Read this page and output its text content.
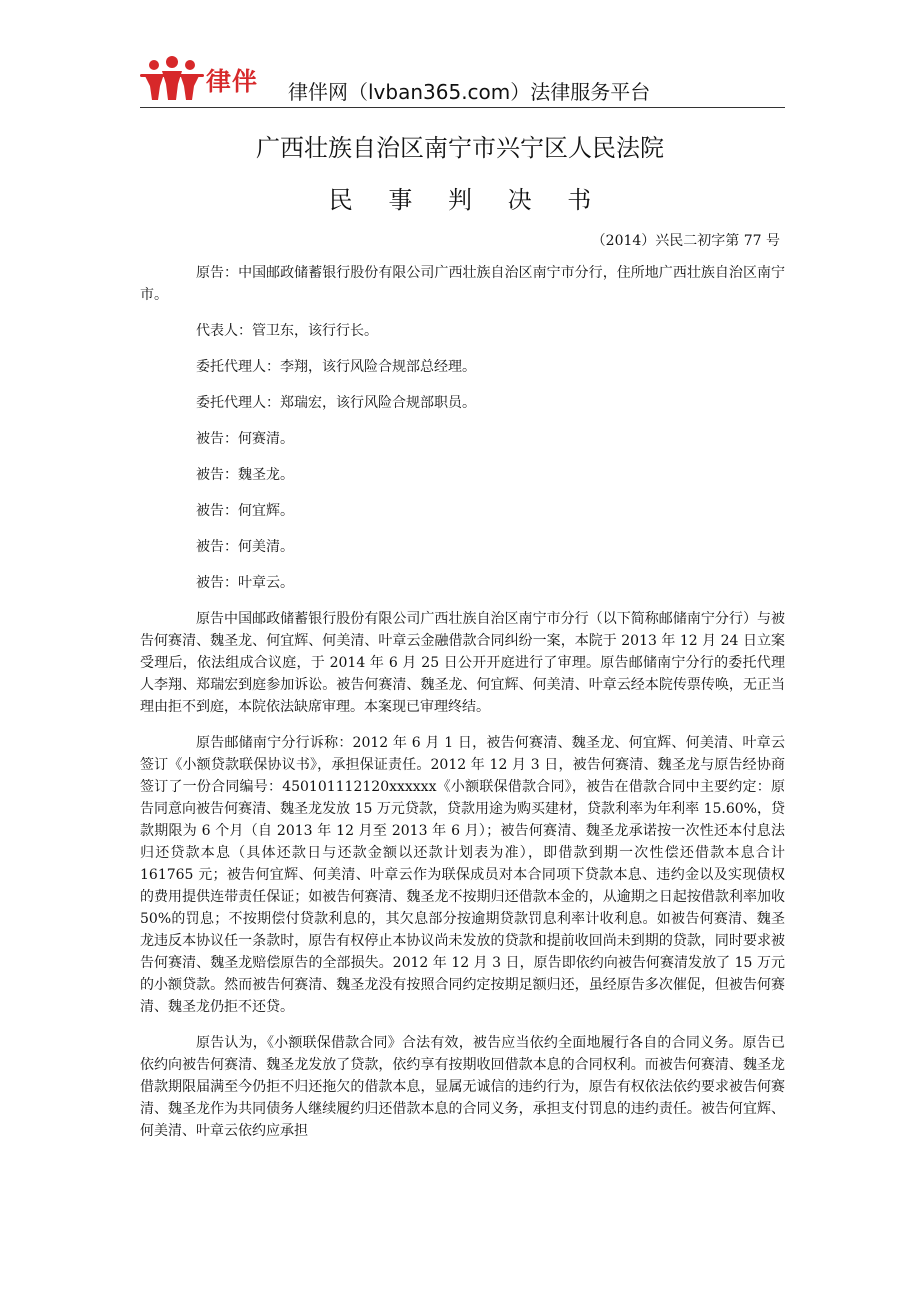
律伴 律伴网（lvban365.com）法律服务平台
广西壮族自治区南宁市兴宁区人民法院
民 事 判 决 书
（2014）兴民二初字第 77 号

原告：中国邮政储蓄银行股份有限公司广西壮族自治区南宁市分行，住所地广西壮族自治区南宁市。

代表人：管卫东，该行行长。

委托代理人：李翔，该行风险合规部总经理。

委托代理人：郑瑞宏，该行风险合规部职员。

被告：何赛清。

被告：魏圣龙。

被告：何宜辉。

被告：何美清。

被告：叶章云。

原告中国邮政储蓄银行股份有限公司广西壮族自治区南宁市分行（以下简称邮储南宁分行）与被告何赛清、魏圣龙、何宜辉、何美清、叶章云金融借款合同纠纷一案，本院于 2013 年 12 月 24 日立案受理后，依法组成合议庭，于 2014 年 6 月 25 日公开开庭进行了审理。原告邮储南宁分行的委托代理人李翔、郑瑞宏到庭参加诉讼。被告何赛清、魏圣龙、何宜辉、何美清、叶章云经本院传票传唤，无正当理由拒不到庭，本院依法缺席审理。本案现已审理终结。

原告邮储南宁分行诉称：2012 年 6 月 1 日，被告何赛清、魏圣龙、何宜辉、何美清、叶章云签订《小额贷款联保协议书》，承担保证责任。2012 年 12 月 3 日，被告何赛清、魏圣龙与原告经协商签订了一份合同编号：450101112120xxxxxx《小额联保借款合同》，被告在借款合同中主要约定：原告同意向被告何赛清、魏圣龙发放 15 万元贷款，贷款用途为购买建材，贷款利率为年利率 15.60%，贷款期限为 6 个月（自 2013 年 12 月至 2013 年 6 月）；被告何赛清、魏圣龙承诺按一次性还本付息法归还贷款本息（具体还款日与还款金额以还款计划表为准），即借款到期一次性偿还借款本息合计 161765 元；被告何宜辉、何美清、叶章云作为联保成员对本合同项下贷款本息、违约金以及实现债权的费用提供连带责任保证；如被告何赛清、魏圣龙不按期归还借款本金的，从逾期之日起按借款利率加收 50%的罚息；不按期偿付贷款利息的，其欠息部分按逾期贷款罚息利率计收利息。如被告何赛清、魏圣龙违反本协议任一条款时，原告有权停止本协议尚未发放的贷款和提前收回尚未到期的贷款，同时要求被告何赛清、魏圣龙赔偿原告的全部损失。2012 年 12 月 3 日，原告即依约向被告何赛清发放了 15 万元的小额贷款。然而被告何赛清、魏圣龙没有按照合同约定按期足额归还，虽经原告多次催促，但被告何赛清、魏圣龙仍拒不还贷。

原告认为，《小额联保借款合同》合法有效，被告应当依约全面地履行各自的合同义务。原告已依约向被告何赛清、魏圣龙发放了贷款，依约享有按期收回借款本息的合同权利。而被告何赛清、魏圣龙借款期限届满至今仍拒不归还拖欠的借款本息，显属无诚信的违约行为，原告有权依法依约要求被告何赛清、魏圣龙作为共同债务人继续履约归还借款本息的合同义务，承担支付罚息的违约责任。被告何宜辉、何美清、叶章云依约应承担
